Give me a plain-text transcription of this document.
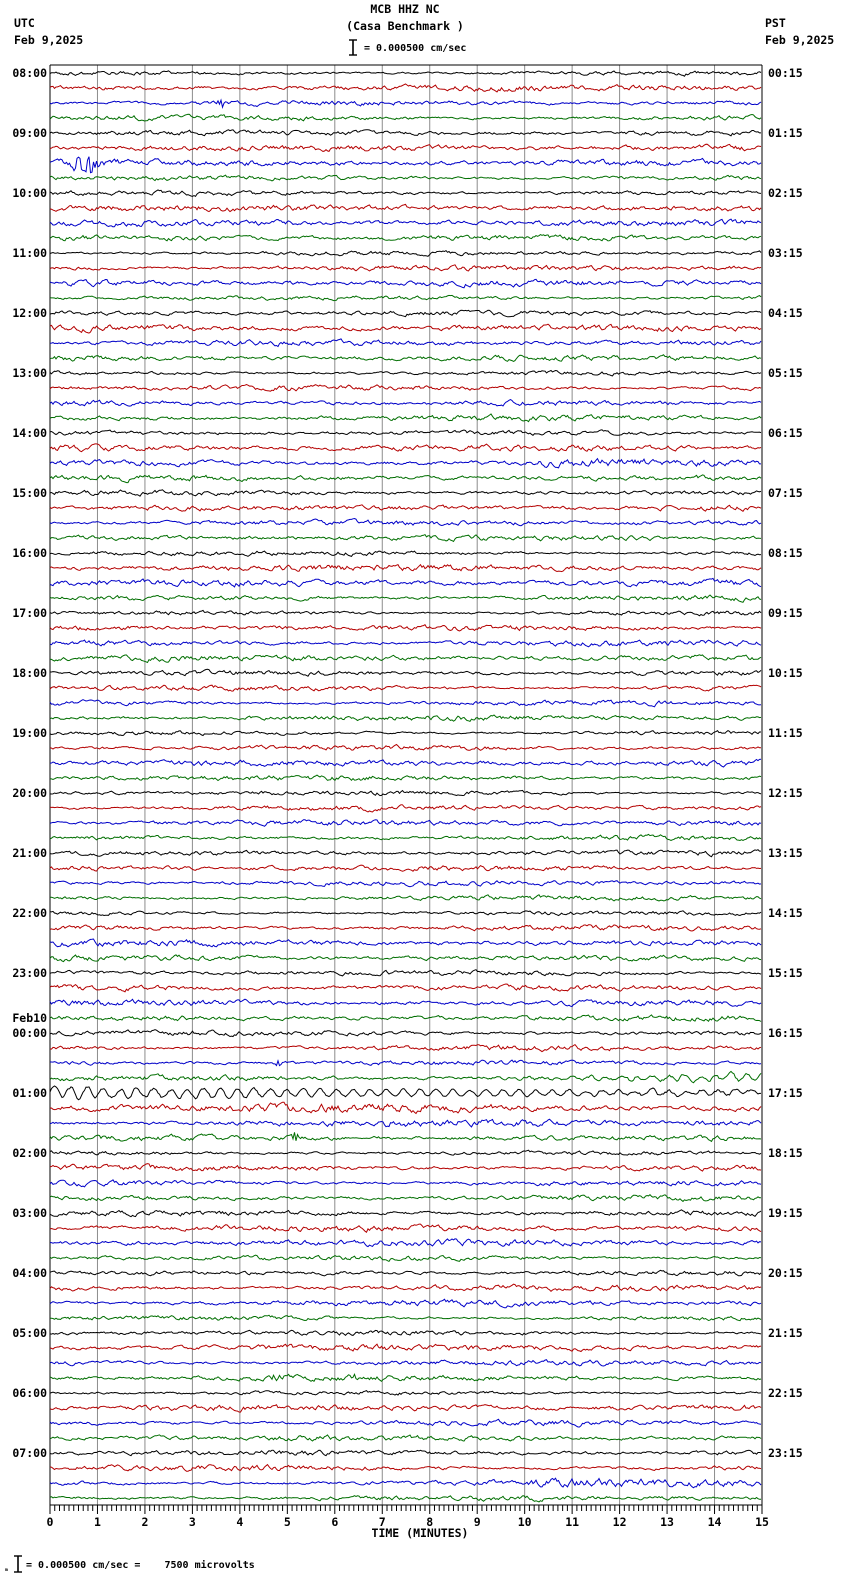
MCB HHZ NC
(Casa Benchmark )
UTC
Feb 9,2025
PST
Feb 9,2025
= 0.000500 cm/sec
08:00
09:00
10:00
11:00
12:00
13:00
14:00
15:00
16:00
17:00
18:00
19:00
20:00
21:00
22:00
23:00
00:00
Feb10
01:00
02:00
03:00
04:00
05:00
06:00
07:00
00:15
01:15
02:15
03:15
04:15
05:15
06:15
07:15
08:15
09:15
10:15
11:15
12:15
13:15
14:15
15:15
16:15
17:15
18:15
19:15
20:15
21:15
22:15
23:15
0	1	2	3	4	5	6	7	8	9	10	11	12	13	14	15
TIME (MINUTES)
ₘ = 0.000500 cm/sec =    7500 microvolts
